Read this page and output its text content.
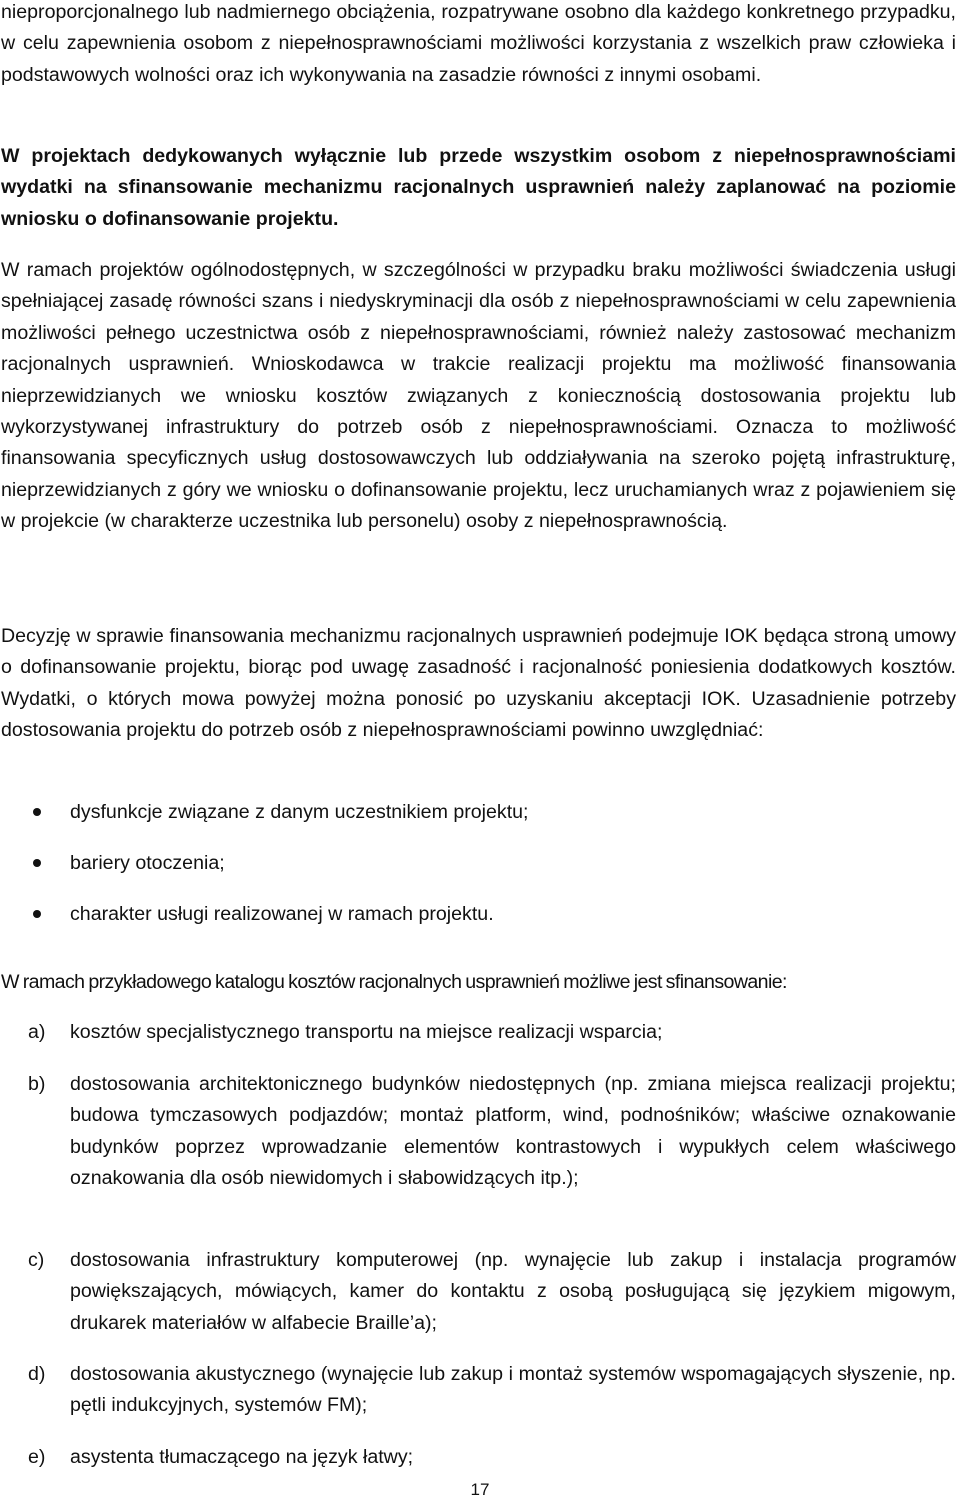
nieproporcjonalnego lub nadmiernego obciążenia, rozpatrywane osobno dla każdego konkretnego przypadku, w celu zapewnienia osobom z niepełnosprawnościami możliwości korzystania z wszelkich praw człowieka i podstawowych wolności oraz ich wykonywania na zasadzie równości z innymi osobami.

W projektach dedykowanych wyłącznie lub przede wszystkim osobom z niepełnosprawnościami wydatki na sfinansowanie mechanizmu racjonalnych usprawnień należy zaplanować na poziomie wniosku o dofinansowanie projektu.

W ramach projektów ogólnodostępnych, w szczególności w przypadku braku możliwości świadczenia usługi spełniającej zasadę równości szans i niedyskryminacji dla osób z niepełnosprawnościami w celu zapewnienia możliwości pełnego uczestnictwa osób z niepełnosprawnościami, również należy zastosować mechanizm racjonalnych usprawnień. Wnioskodawca w trakcie realizacji projektu ma możliwość finansowania nieprzewidzianych we wniosku kosztów związanych z koniecznością dostosowania projektu lub wykorzystywanej infrastruktury do potrzeb osób z niepełnosprawnościami. Oznacza to możliwość finansowania specyficznych usług dostosowawczych lub oddziaływania na szeroko pojętą infrastrukturę, nieprzewidzianych z góry we wniosku o dofinansowanie projektu, lecz uruchamianych wraz z pojawieniem się w projekcie (w charakterze uczestnika lub personelu) osoby z niepełnosprawnością.

Decyzję w sprawie finansowania mechanizmu racjonalnych usprawnień podejmuje IOK będąca stroną umowy o dofinansowanie projektu, biorąc pod uwagę zasadność i racjonalność poniesienia dodatkowych kosztów. Wydatki, o których mowa powyżej można ponosić po uzyskaniu akceptacji IOK. Uzasadnienie potrzeby dostosowania projektu do potrzeb osób z niepełnosprawnościami powinno uwzględniać:

dysfunkcje związane z danym uczestnikiem projektu;
bariery otoczenia;
charakter usługi realizowanej w ramach projektu.

W ramach przykładowego katalogu kosztów racjonalnych usprawnień możliwe jest sfinansowanie:

a) kosztów specjalistycznego transportu na miejsce realizacji wsparcia;
b) dostosowania architektonicznego budynków niedostępnych (np. zmiana miejsca realizacji projektu; budowa tymczasowych podjazdów; montaż platform, wind, podnośników; właściwe oznakowanie budynków poprzez wprowadzanie elementów kontrastowych i wypukłych celem właściwego oznakowania dla osób niewidomych i słabowidzących itp.);
c) dostosowania infrastruktury komputerowej (np. wynajęcie lub zakup i instalacja programów powiększających, mówiących, kamer do kontaktu z osobą posługującą się językiem migowym, drukarek materiałów w alfabecie Braille’a);
d) dostosowania akustycznego (wynajęcie lub zakup i montaż systemów wspomagających słyszenie, np. pętli indukcyjnych, systemów FM);
e) asystenta tłumaczącego na język łatwy;
17
